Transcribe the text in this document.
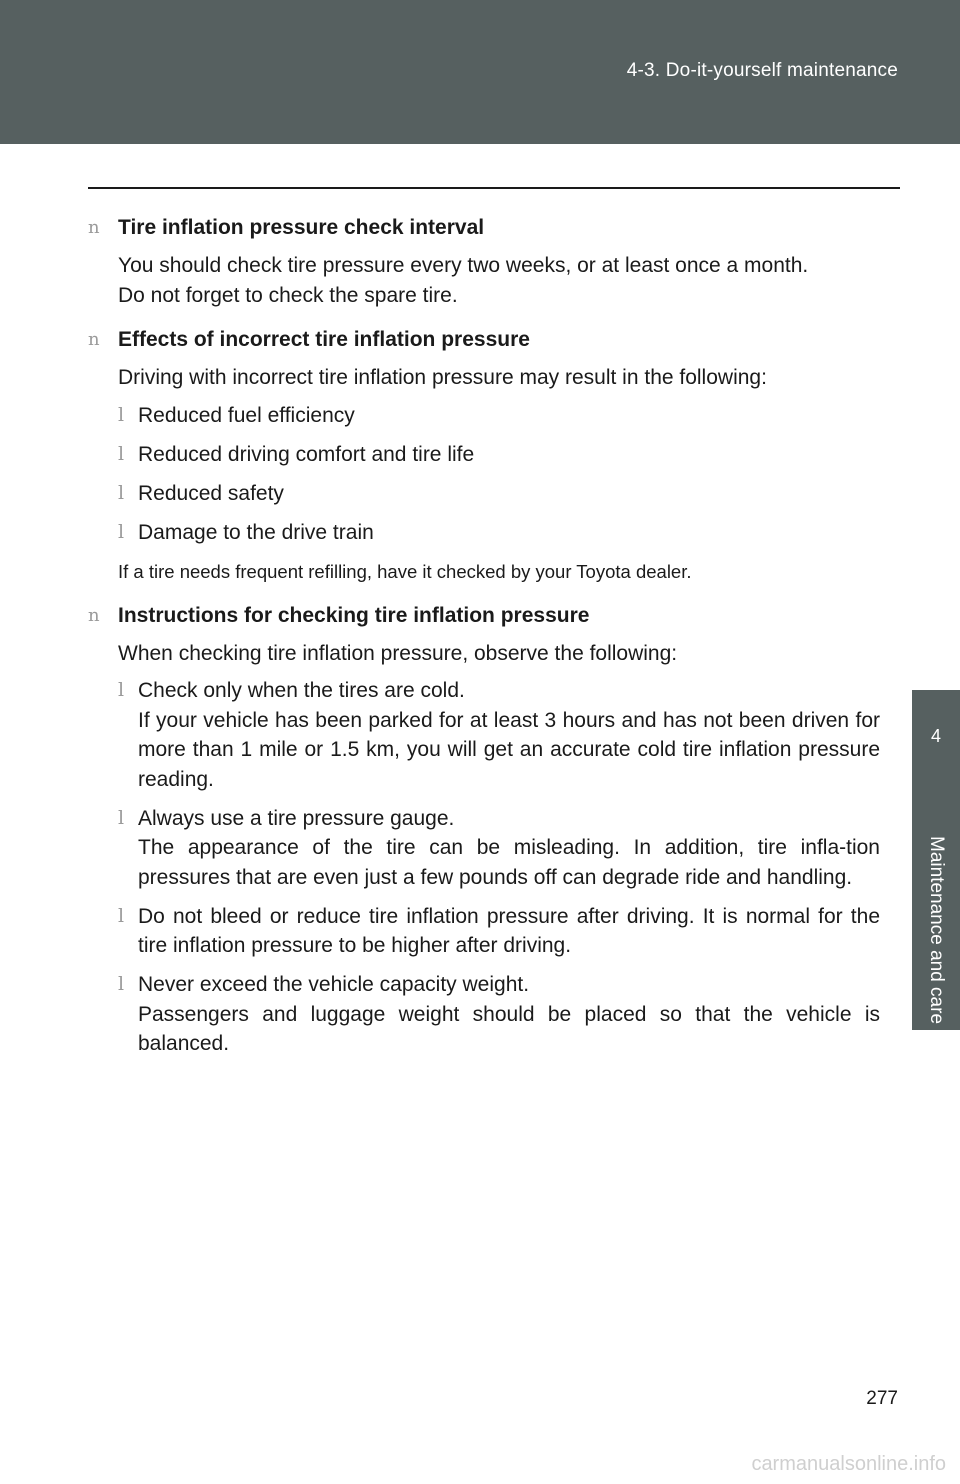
4-3. Do-it-yourself maintenance
4
Maintenance and care
n Tire inflation pressure check interval
You should check tire pressure every two weeks, or at least once a month.
Do not forget to check the spare tire.
n Effects of incorrect tire inflation pressure
Driving with incorrect tire inflation pressure may result in the following:
l Reduced fuel efficiency
l Reduced driving comfort and tire life
l Reduced safety
l Damage to the drive train
If a tire needs frequent refilling, have it checked by your Toyota dealer.
n Instructions for checking tire inflation pressure
When checking tire inflation pressure, observe the following:
l Check only when the tires are cold.
If your vehicle has been parked for at least 3 hours and has not been driven for more than 1 mile or 1.5 km, you will get an accurate cold tire inflation pressure reading.
l Always use a tire pressure gauge.
The appearance of the tire can be misleading. In addition, tire infla-tion pressures that are even just a few pounds off can degrade ride and handling.
l Do not bleed or reduce tire inflation pressure after driving. It is normal for the tire inflation pressure to be higher after driving.
l Never exceed the vehicle capacity weight.
Passengers and luggage weight should be placed so that the vehicle is balanced.
277
carmanualsonline.info
